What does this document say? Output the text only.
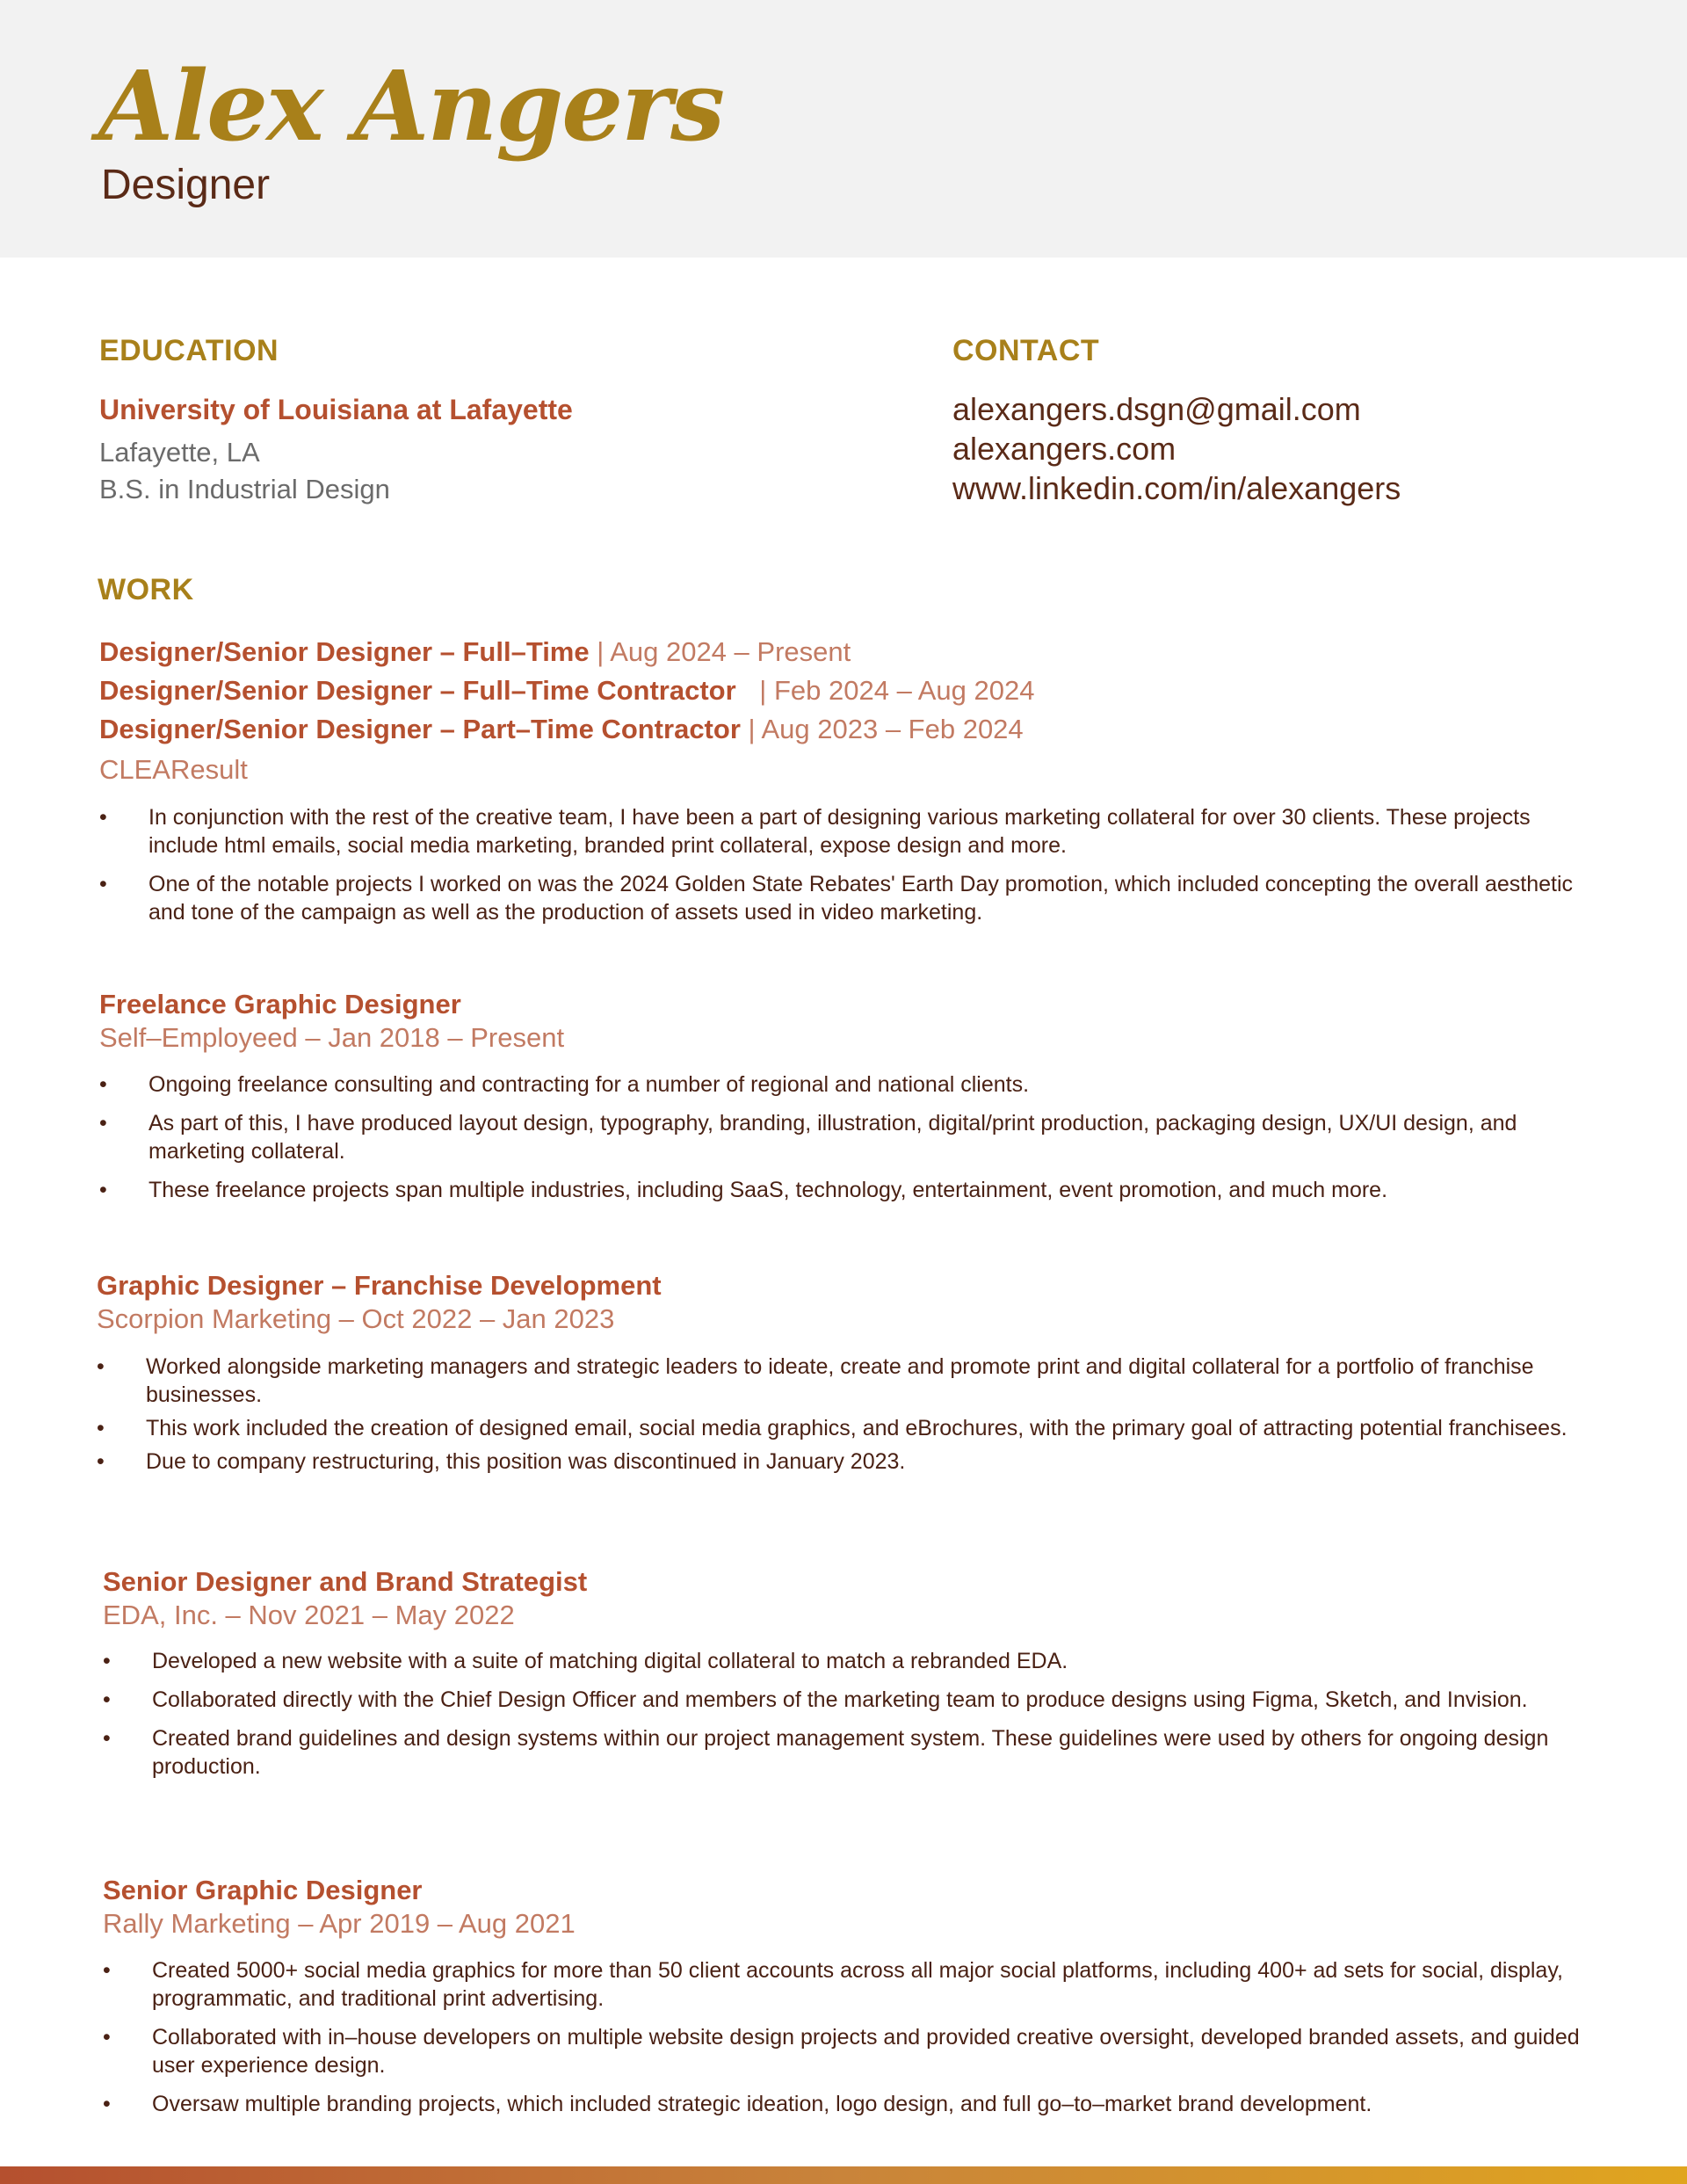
Alex Angers
Designer
EDUCATION
University of Louisiana at Lafayette
Lafayette, LA
B.S. in Industrial Design
CONTACT
alexangers.dsgn@gmail.com
alexangers.com
www.linkedin.com/in/alexangers
WORK
Designer/Senior Designer – Full–Time | Aug 2024 – Present
Designer/Senior Designer – Full–Time Contractor | Feb 2024 – Aug 2024
Designer/Senior Designer – Part–Time Contractor | Aug 2023 – Feb 2024
CLEAResult
• In conjunction with the rest of the creative team, I have been a part of designing various marketing collateral for over 30 clients. These projects include html emails, social media marketing, branded print collateral, expose design and more.
• One of the notable projects I worked on was the 2024 Golden State Rebates' Earth Day promotion, which included concepting the overall aesthetic and tone of the campaign as well as the production of assets used in video marketing.
Freelance Graphic Designer
Self–Employeed – Jan 2018 – Present
• Ongoing freelance consulting and contracting for a number of regional and national clients.
• As part of this, I have produced layout design, typography, branding, illustration, digital/print production, packaging design, UX/UI design, and marketing collateral.
• These freelance projects span multiple industries, including SaaS, technology, entertainment, event promotion, and much more.
Graphic Designer – Franchise Development
Scorpion Marketing – Oct 2022 – Jan 2023
• Worked alongside marketing managers and strategic leaders to ideate, create and promote print and digital collateral for a portfolio of franchise businesses.
• This work included the creation of designed email, social media graphics, and eBrochures, with the primary goal of attracting potential franchisees.
• Due to company restructuring, this position was discontinued in January 2023.
Senior Designer and Brand Strategist
EDA, Inc. – Nov 2021 – May 2022
• Developed a new website with a suite of matching digital collateral to match a rebranded EDA.
• Collaborated directly with the Chief Design Officer and members of the marketing team to produce designs using Figma, Sketch, and Invision.
• Created brand guidelines and design systems within our project management system. These guidelines were used by others for ongoing design production.
Senior Graphic Designer
Rally Marketing – Apr 2019 – Aug 2021
• Created 5000+ social media graphics for more than 50 client accounts across all major social platforms, including 400+ ad sets for social, display, programmatic, and traditional print advertising.
• Collaborated with in–house developers on multiple website design projects and provided creative oversight, developed branded assets, and guided user experience design.
• Oversaw multiple branding projects, which included strategic ideation, logo design, and full go–to–market brand development.
